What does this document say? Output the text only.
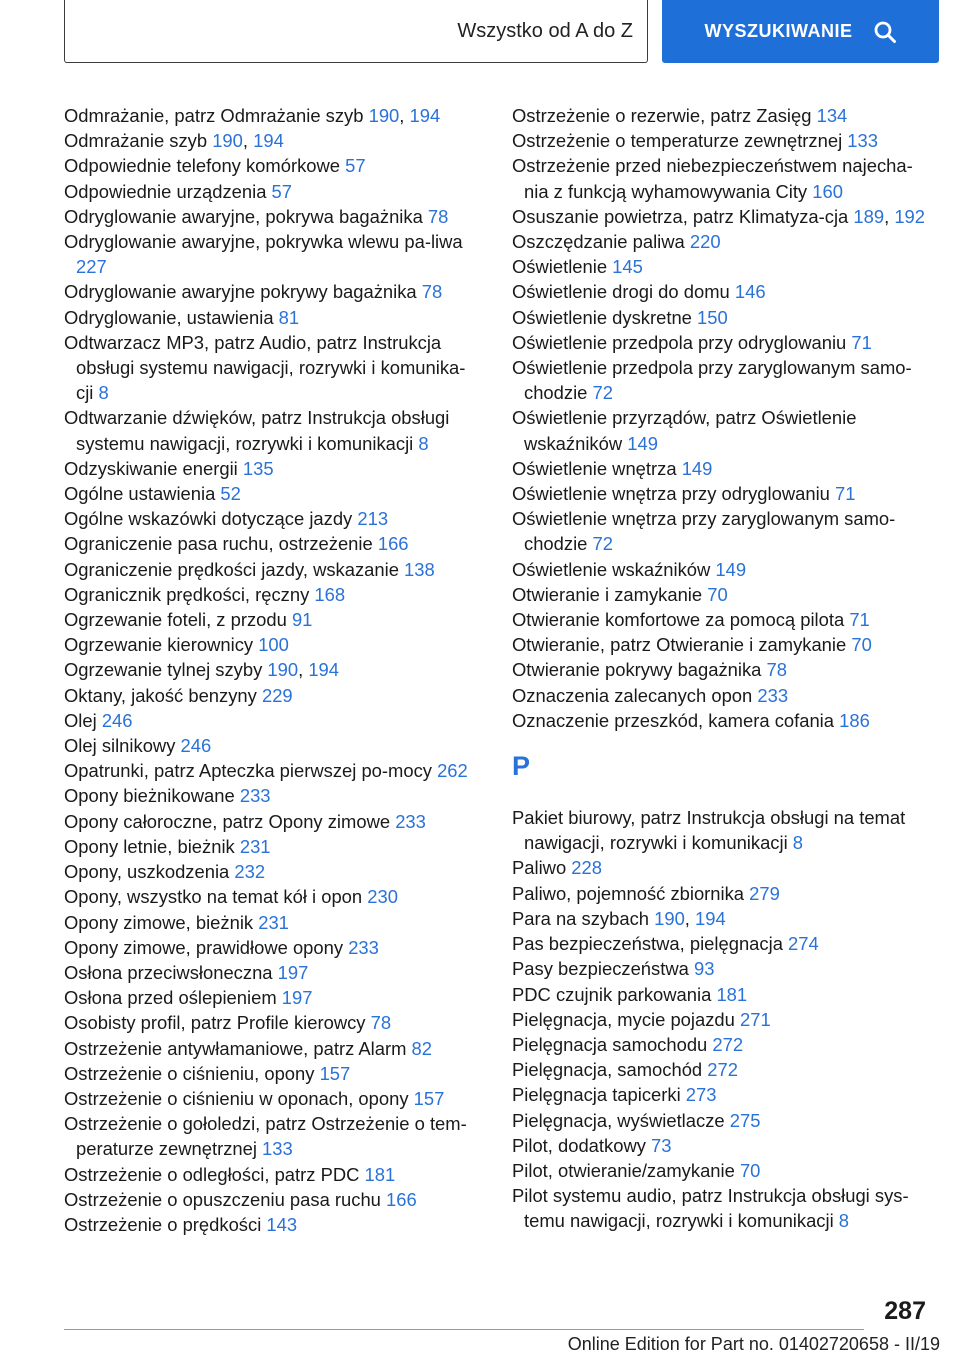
Wszystko od A do Z	WYSZUKIWANIE
Odmrażanie, patrz Odmrażanie szyb 190, 194
Odmrażanie szyb 190, 194
Odpowiednie telefony komórkowe 57
Odpowiednie urządzenia 57
Odryglowanie awaryjne, pokrywa bagażnika 78
Odryglowanie awaryjne, pokrywka wlewu pa‐liwa 227
Odryglowanie awaryjne pokrywy bagażnika 78
Odryglowanie, ustawienia 81
Odtwarzacz MP3, patrz Audio, patrz Instrukcja obsługi systemu nawigacji, rozrywki i komunika‐cji 8
Odtwarzanie dźwięków, patrz Instrukcja obsługi systemu nawigacji, rozrywki i komunikacji 8
Odzyskiwanie energii 135
Ogólne ustawienia 52
Ogólne wskazówki dotyczące jazdy 213
Ograniczenie pasa ruchu, ostrzeżenie 166
Ograniczenie prędkości jazdy, wskazanie 138
Ogranicznik prędkości, ręczny 168
Ogrzewanie foteli, z przodu 91
Ogrzewanie kierownicy 100
Ogrzewanie tylnej szyby 190, 194
Oktany, jakość benzyny 229
Olej 246
Olej silnikowy 246
Opatrunki, patrz Apteczka pierwszej po‐mocy 262
Opony bieżnikowane 233
Opony całoroczne, patrz Opony zimowe 233
Opony letnie, bieżnik 231
Opony, uszkodzenia 232
Opony, wszystko na temat kół i opon 230
Opony zimowe, bieżnik 231
Opony zimowe, prawidłowe opony 233
Osłona przeciwsłoneczna 197
Osłona przed oślepieniem 197
Osobisty profil, patrz Profile kierowcy 78
Ostrzeżenie antywłamaniowe, patrz Alarm 82
Ostrzeżenie o ciśnieniu, opony 157
Ostrzeżenie o ciśnieniu w oponach, opony 157
Ostrzeżenie o gołoledzi, patrz Ostrzeżenie o tem‐peraturze zewnętrznej 133
Ostrzeżenie o odległości, patrz PDC 181
Ostrzeżenie o opuszczeniu pasa ruchu 166
Ostrzeżenie o prędkości 143
Ostrzeżenie o rezerwie, patrz Zasięg 134
Ostrzeżenie o temperaturze zewnętrznej 133
Ostrzeżenie przed niebezpieczeństwem najecha‐nia z funkcją wyhamowywania City 160
Osuszanie powietrza, patrz Klimatyza‐cja 189, 192
Oszczędzanie paliwa 220
Oświetlenie 145
Oświetlenie drogi do domu 146
Oświetlenie dyskretne 150
Oświetlenie przedpola przy odryglowaniu 71
Oświetlenie przedpola przy zaryglowanym samo‐chodzie 72
Oświetlenie przyrządów, patrz Oświetlenie wskaźników 149
Oświetlenie wnętrza 149
Oświetlenie wnętrza przy odryglowaniu 71
Oświetlenie wnętrza przy zaryglowanym samo‐chodzie 72
Oświetlenie wskaźników 149
Otwieranie i zamykanie 70
Otwieranie komfortowe za pomocą pilota 71
Otwieranie, patrz Otwieranie i zamykanie 70
Otwieranie pokrywy bagażnika 78
Oznaczenia zalecanych opon 233
Oznaczenie przeszkód, kamera cofania 186
P
Pakiet biurowy, patrz Instrukcja obsługi na temat nawigacji, rozrywki i komunikacji 8
Paliwo 228
Paliwo, pojemność zbiornika 279
Para na szybach 190, 194
Pas bezpieczeństwa, pielęgnacja 274
Pasy bezpieczeństwa 93
PDC czujnik parkowania 181
Pielęgnacja, mycie pojazdu 271
Pielęgnacja samochodu 272
Pielęgnacja, samochód 272
Pielęgnacja tapicerki 273
Pielęgnacja, wyświetlacze 275
Pilot, dodatkowy 73
Pilot, otwieranie/zamykanie 70
Pilot systemu audio, patrz Instrukcja obsługi sys‐temu nawigacji, rozrywki i komunikacji 8
287
Online Edition for Part no. 01402720658 - II/19
